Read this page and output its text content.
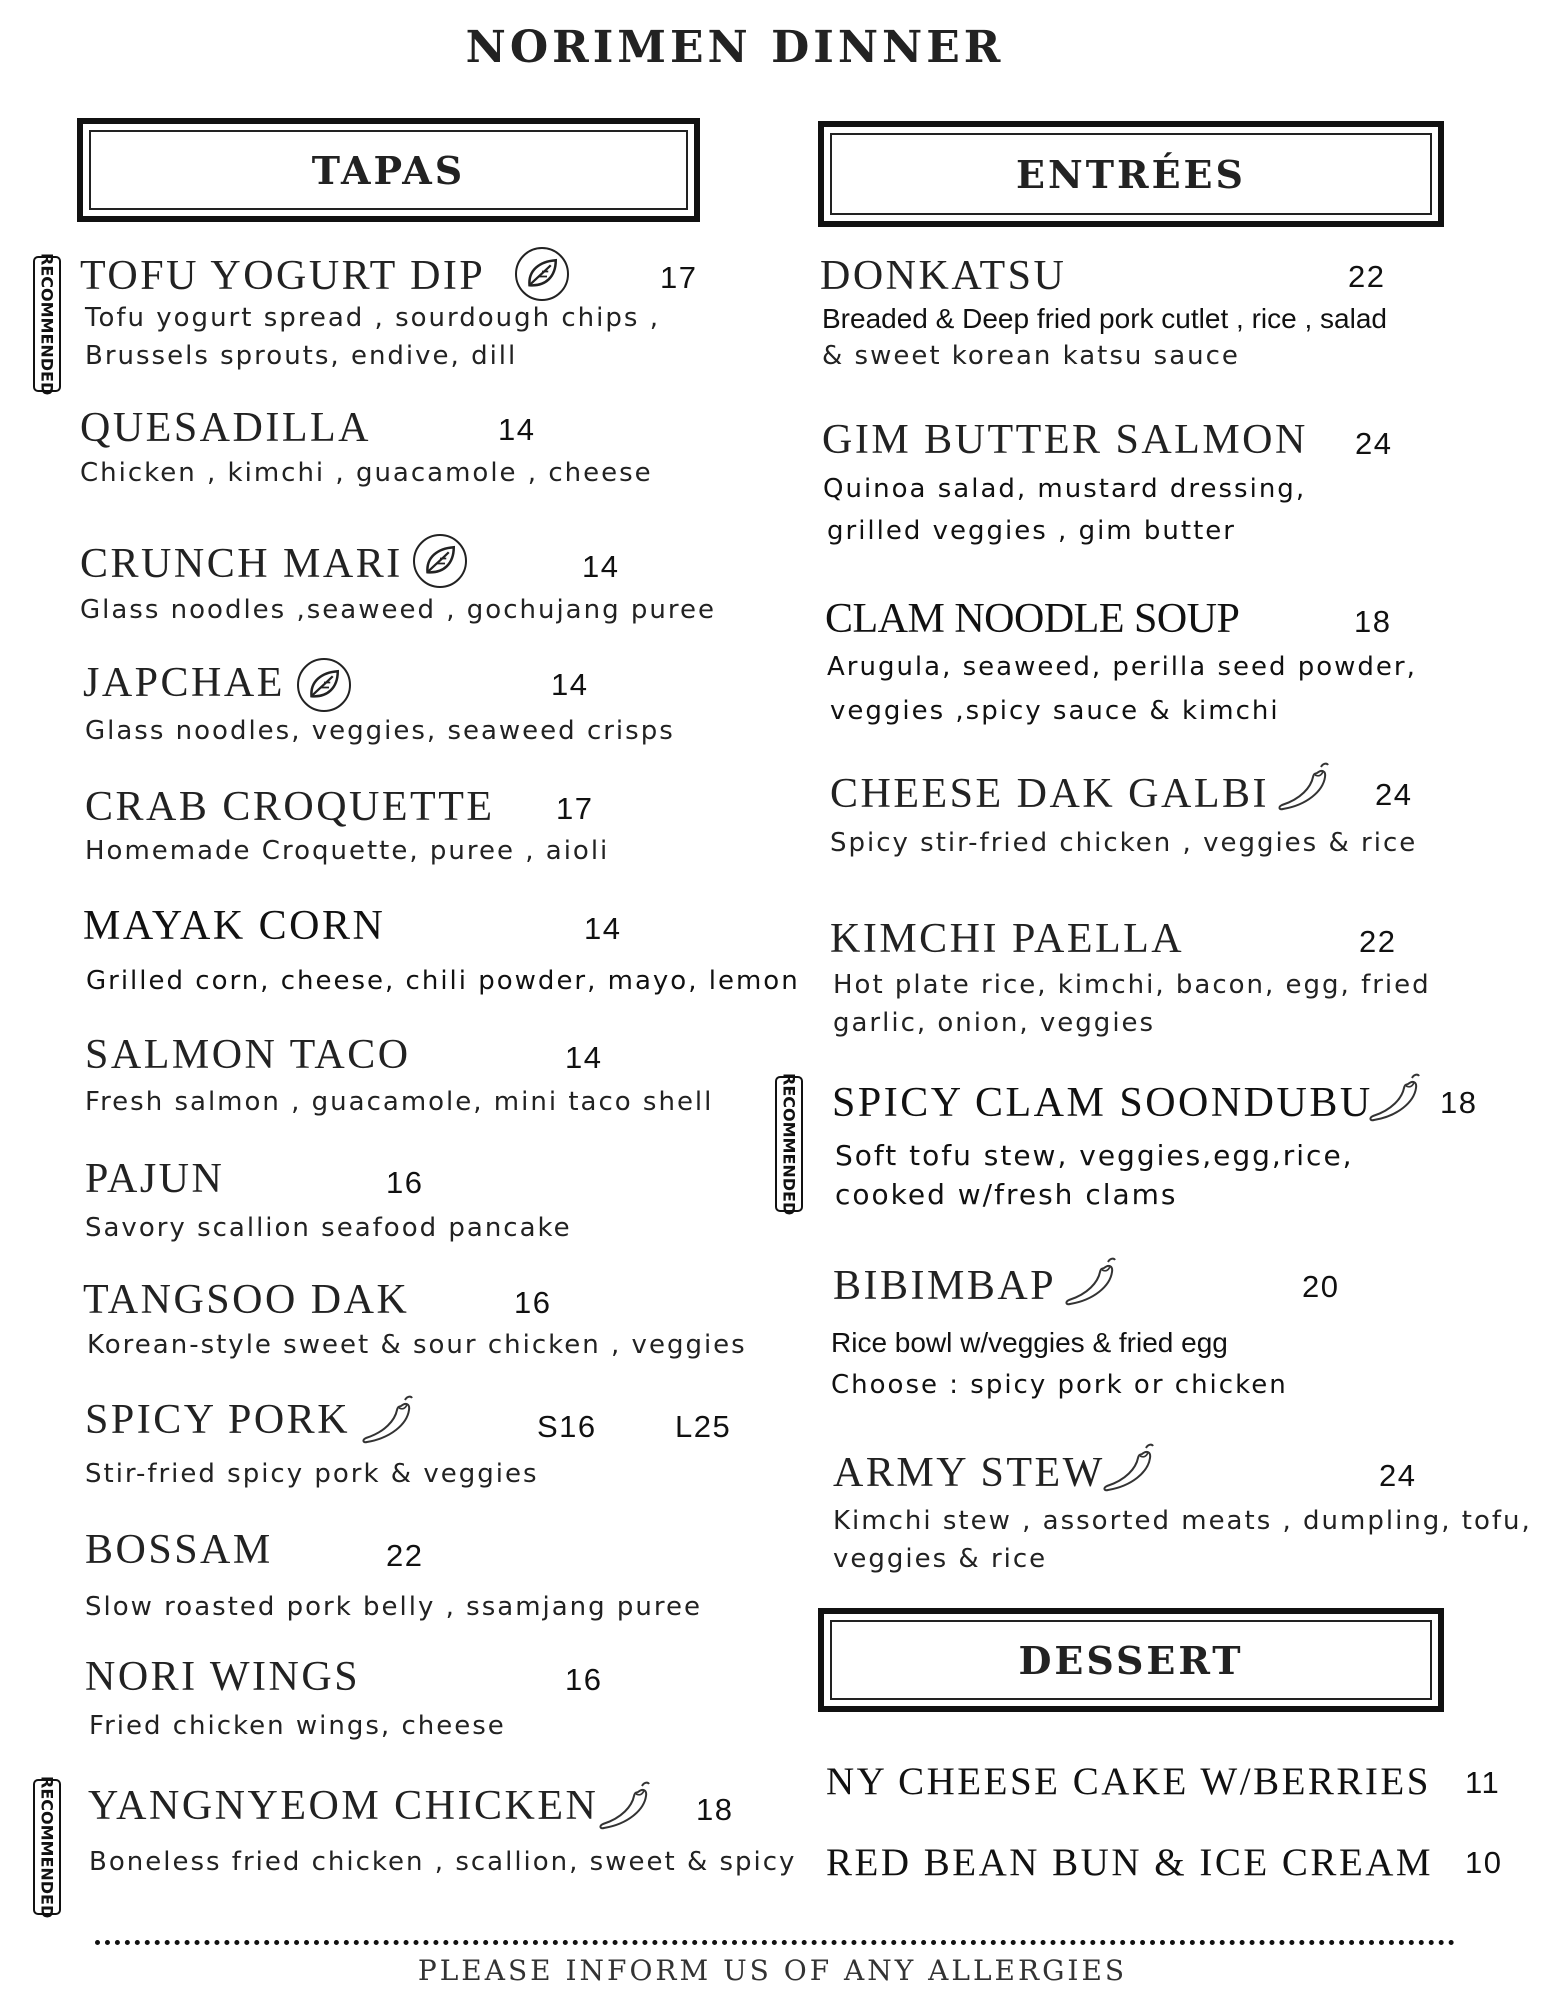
NORIMEN DINNER
TAPAS	ENTRÉES
DESSERT
RECOMMENDED
RECOMMENDED
RECOMMENDED
TOFU YOGURT DIP	17
Tofu yogurt spread , sourdough chips ,
Brussels sprouts, endive, dill
QUESADILLA	14
Chicken , kimchi , guacamole , cheese
CRUNCH MARI	14
Glass noodles ,seaweed , gochujang puree
JAPCHAE	14
Glass noodles, veggies, seaweed crisps
CRAB CROQUETTE 17
Homemade Croquette, puree , aioli
MAYAK CORN	14
Grilled corn, cheese, chili powder, mayo, lemon
SALMON TACO	14
Fresh salmon , guacamole, mini taco shell
PAJUN	16
Savory scallion seafood pancake
TANGSOO DAK	16
Korean-style sweet & sour chicken , veggies
SPICY PORK	S16	L25
Stir-fried spicy pork & veggies
BOSSAM	22
Slow roasted pork belly , ssamjang puree
NORI WINGS	16
Fried chicken wings, cheese
YANGNYEOM CHICKEN	18
Boneless fried chicken , scallion, sweet & spicy
DONKATSU	22
Breaded & Deep fried pork cutlet , rice , salad
& sweet korean katsu sauce
GIM BUTTER SALMON 24
Quinoa salad, mustard dressing,
grilled veggies , gim butter
CLAM NOODLE SOUP	18
Arugula, seaweed, perilla seed powder,
veggies ,spicy sauce & kimchi
CHEESE DAK GALBI	24
Spicy stir-fried chicken , veggies & rice
KIMCHI PAELLA	22
Hot plate rice, kimchi, bacon, egg, fried
garlic, onion, veggies
SPICY CLAM SOONDUBU 18
Soft tofu stew, veggies,egg,rice,
cooked w/fresh clams
BIBIMBAP	20
Rice bowl w/veggies & fried egg
Choose : spicy pork or chicken
ARMY STEW	24
Kimchi stew , assorted meats , dumpling, tofu,
veggies & rice
NY CHEESE CAKE W/BERRIES 11
RED BEAN BUN & ICE CREAM 10
PLEASE INFORM US OF ANY ALLERGIES
